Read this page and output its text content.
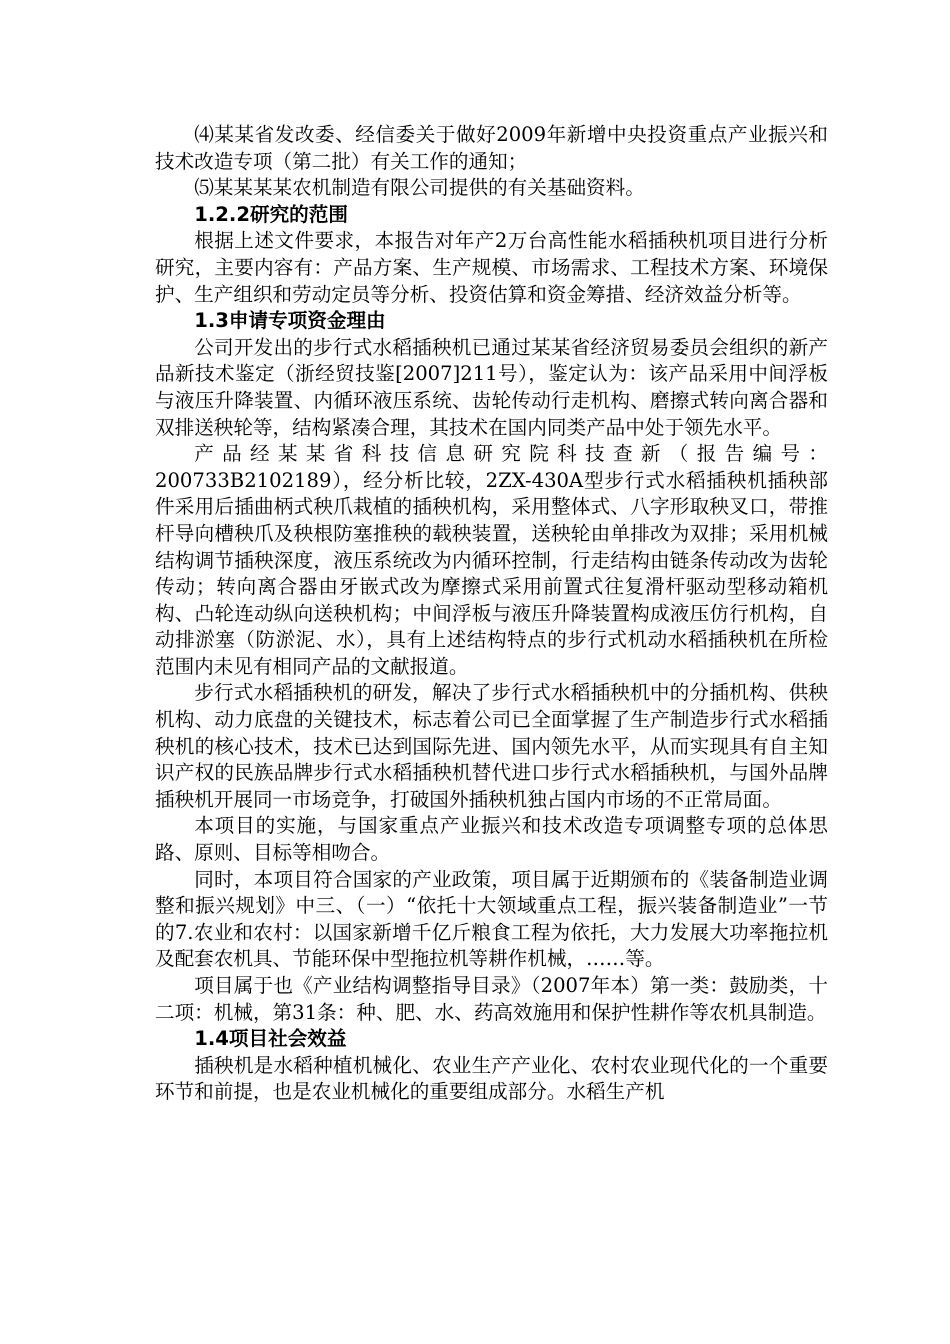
⑷某某省发改委、经信委关于做好2009年新增中央投资重点产业振兴和技术改造专项（第二批）有关工作的通知；

⑸某某某某农机制造有限公司提供的有关基础资料。

1.2.2研究的范围

根据上述文件要求，本报告对年产2万台高性能水稻插秧机项目进行分析研究，主要内容有：产品方案、生产规模、市场需求、工程技术方案、环境保护、生产组织和劳动定员等分析、投资估算和资金筹措、经济效益分析等。

1.3申请专项资金理由

公司开发出的步行式水稻插秧机已通过某某省经济贸易委员会组织的新产品新技术鉴定（浙经贸技鉴[2007]211号），鉴定认为：该产品采用中间浮板与液压升降装置、内循环液压系统、齿轮传动行走机构、磨擦式转向离合器和双排送秧轮等，结构紧凑合理，其技术在国内同类产品中处于领先水平。

产品经某某省科技信息研究院科技查新（报告编号：200733B2102189），经分析比较，2ZX-430A型步行式水稻插秧机插秧部件采用后插曲柄式秧爪栽植的插秧机构，采用整体式、八字形取秧叉口，带推杆导向槽秧爪及秧根防塞推秧的载秧装置，送秧轮由单排改为双排；采用机械结构调节插秧深度，液压系统改为内循环控制，行走结构由链条传动改为齿轮传动；转向离合器由牙嵌式改为摩擦式采用前置式往复滑杆驱动型移动箱机构、凸轮连动纵向送秧机构；中间浮板与液压升降装置构成液压仿行机构，自动排淤塞（防淤泥、水），具有上述结构特点的步行式机动水稻插秧机在所检范围内未见有相同产品的文献报道。

步行式水稻插秧机的研发，解决了步行式水稻插秧机中的分插机构、供秧机构、动力底盘的关键技术，标志着公司已全面掌握了生产制造步行式水稻插秧机的核心技术，技术已达到国际先进、国内领先水平，从而实现具有自主知识产权的民族品牌步行式水稻插秧机替代进口步行式水稻插秧机，与国外品牌插秧机开展同一市场竞争，打破国外插秧机独占国内市场的不正常局面。

本项目的实施，与国家重点产业振兴和技术改造专项调整专项的总体思路、原则、目标等相吻合。

同时，本项目符合国家的产业政策，项目属于近期颁布的《装备制造业调整和振兴规划》中三、（一）“依托十大领域重点工程，振兴装备制造业”一节的7.农业和农村：以国家新增千亿斤粮食工程为依托，大力发展大功率拖拉机及配套农机具、节能环保中型拖拉机等耕作机械，……等。

项目属于也《产业结构调整指导目录》（2007年本）第一类：鼓励类，十二项：机械，第31条：种、肥、水、药高效施用和保护性耕作等农机具制造。

1.4项目社会效益

插秧机是水稻种植机械化、农业生产产业化、农村农业现代化的一个重要环节和前提，也是农业机械化的重要组成部分。水稻生产机
